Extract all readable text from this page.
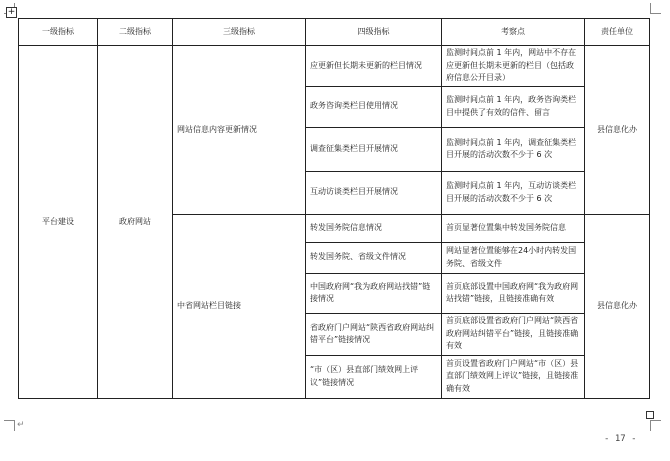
+
↵
一级指标	二级指标	三级指标	四级指标	考察点	责任单位
平台建设	政府网站	网站信息内容更新情况	应更新但长期未更新的栏目情况	监测时间点前 1 年内，网站中不存在应更新但长期未更新的栏目（包括政府信息公开目录）	县信息化办
			政务咨询类栏目使用情况	监测时间点前 1 年内，政务咨询类栏目中提供了有效的信件、留言	
			调查征集类栏目开展情况	监测时间点前 1 年内，调查征集类栏目开展的活动次数不少于 6 次	
			互动访谈类栏目开展情况	监测时间点前 1 年内，互动访谈类栏目开展的活动次数不少于 6 次	
		中省网站栏目链接	转发国务院信息情况	首页显著位置集中转发国务院信息	县信息化办
			转发国务院、省级文件情况	网站显著位置能够在24小时内转发国务院、省级文件	
			中国政府网“我为政府网站找错”链接情况	首页底部设置中国政府网“我为政府网站找错”链接，且链接准确有效	
			省政府门户网站“陕西省政府网站纠错平台”链接情况	首页底部设置省政府门户网站“陕西省政府网站纠错平台”链接，且链接准确有效	
			“市（区）县直部门绩效网上评议”链接情况	首页设置省政府门户网站“市（区）县直部门绩效网上评议”链接，且链接准确有效	
- 17 -
